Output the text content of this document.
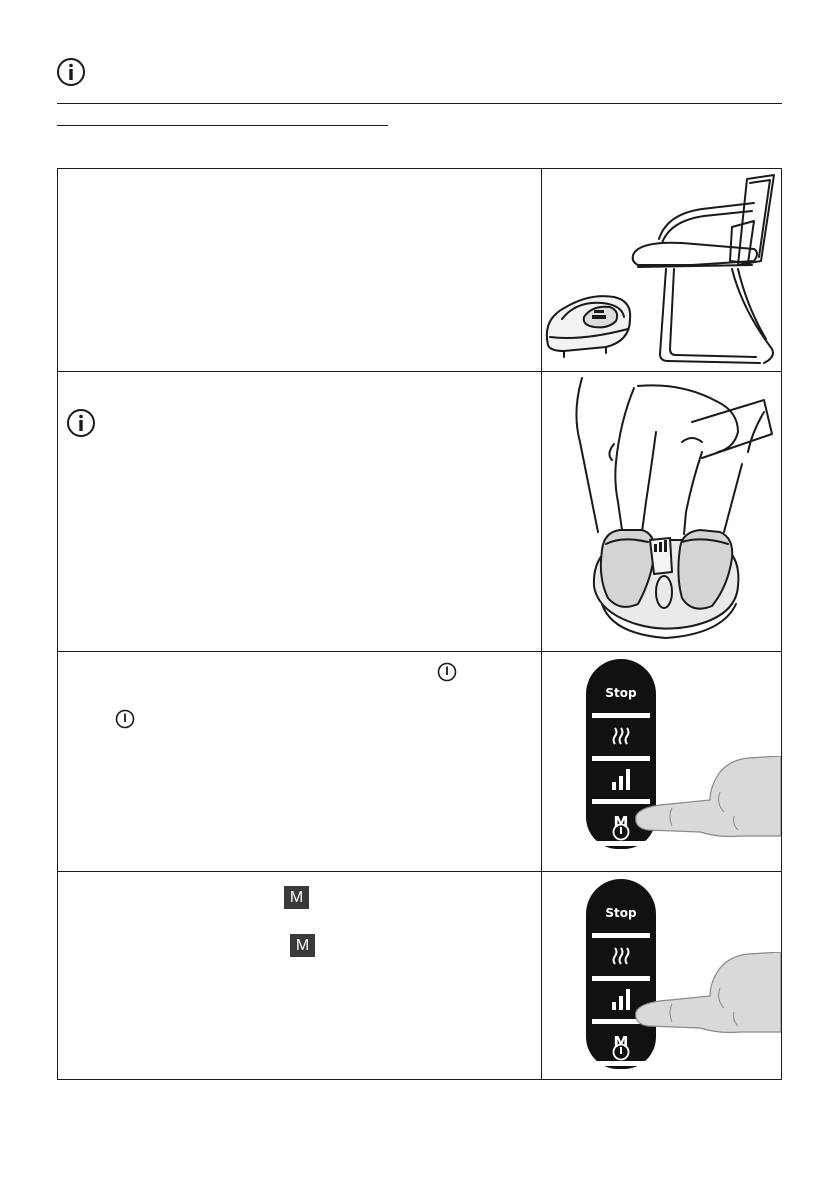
Stop
M
M
M
Stop
M
